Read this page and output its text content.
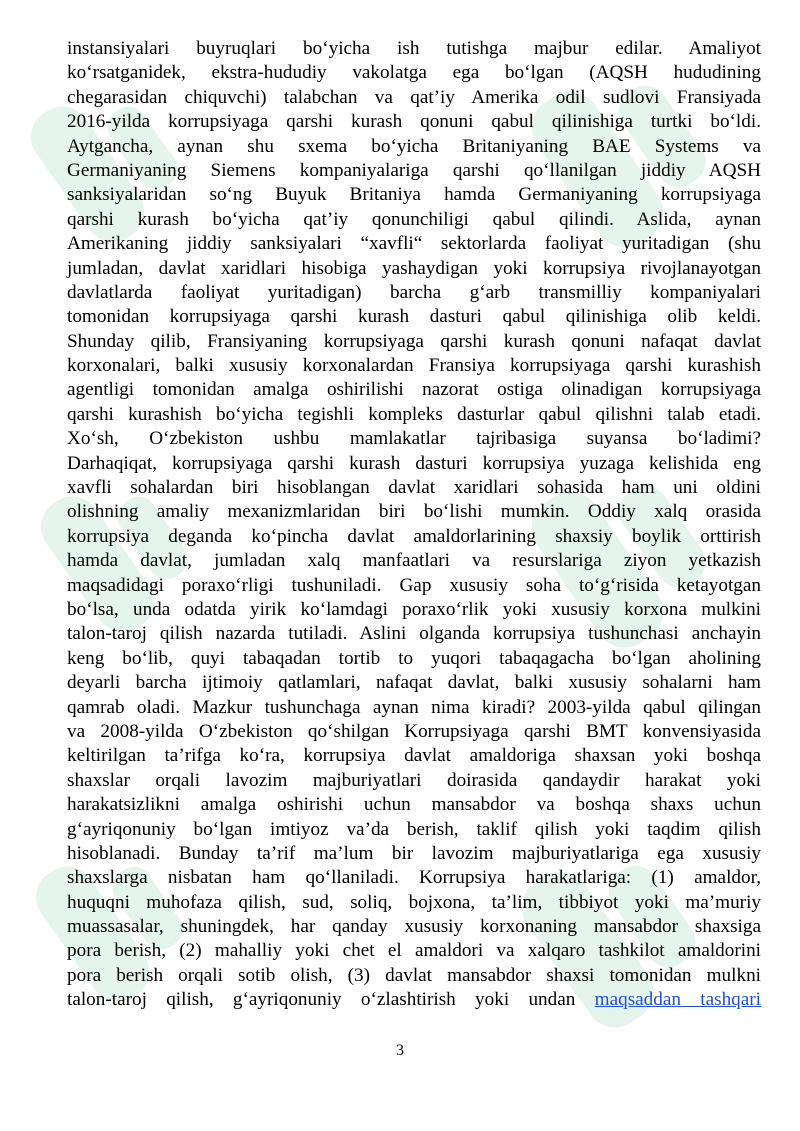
instansiyalari buyruqlari bo‘yicha ish tutishga majbur edilar. Amaliyot
ko‘rsatganidek, ekstra-hududiy vakolatga ega bo‘lgan (AQSH hududining
chegarasidan chiquvchi) talabchan va qat’iy Amerika odil sudlovi Fransiyada
2016-yilda korrupsiyaga qarshi kurash qonuni qabul qilinishiga turtki bo‘ldi.
Aytgancha, aynan shu sxema bo‘yicha Britaniyaning BAE Systems va
Germaniyaning Siemens kompaniyalariga qarshi qo‘llanilgan jiddiy AQSH
sanksiyalaridan so‘ng Buyuk Britaniya hamda Germaniyaning korrupsiyaga
qarshi kurash bo‘yicha qat’iy qonunchiligi qabul qilindi. Aslida, aynan
Amerikaning jiddiy sanksiyalari “xavfli“ sektorlarda faoliyat yuritadigan (shu
jumladan, davlat xaridlari hisobiga yashaydigan yoki korrupsiya rivojlanayotgan
davlatlarda faoliyat yuritadigan) barcha g‘arb transmilliy kompaniyalari
tomonidan korrupsiyaga qarshi kurash dasturi qabul qilinishiga olib keldi.
Shunday qilib, Fransiyaning korrupsiyaga qarshi kurash qonuni nafaqat davlat
korxonalari, balki xususiy korxonalardan Fransiya korrupsiyaga qarshi kurashish
agentligi tomonidan amalga oshirilishi nazorat ostiga olinadigan korrupsiyaga
qarshi kurashish bo‘yicha tegishli kompleks dasturlar qabul qilishni talab etadi.
Xo‘sh, O‘zbekiston ushbu mamlakatlar tajribasiga suyansa bo‘ladimi?
Darhaqiqat, korrupsiyaga qarshi kurash dasturi korrupsiya yuzaga kelishida eng
xavfli sohalardan biri hisoblangan davlat xaridlari sohasida ham uni oldini
olishning amaliy mexanizmlaridan biri bo‘lishi mumkin. Oddiy xalq orasida
korrupsiya deganda ko‘pincha davlat amaldorlarining shaxsiy boylik orttirish
hamda davlat, jumladan xalq manfaatlari va resurslariga ziyon yetkazish
maqsadidagi poraxo‘rligi tushuniladi. Gap xususiy soha to‘g‘risida ketayotgan
bo‘lsa, unda odatda yirik ko‘lamdagi poraxo‘rlik yoki xususiy korxona mulkini
talon-taroj qilish nazarda tutiladi. Aslini olganda korrupsiya tushunchasi anchayin
keng bo‘lib, quyi tabaqadan tortib to yuqori tabaqagacha bo‘lgan aholining
deyarli barcha ijtimoiy qatlamlari, nafaqat davlat, balki xususiy sohalarni ham
qamrab oladi. Mazkur tushunchaga aynan nima kiradi? 2003-yilda qabul qilingan
va 2008-yilda O‘zbekiston qo‘shilgan Korrupsiyaga qarshi BMT konvensiyasida
keltirilgan ta’rifga ko‘ra, korrupsiya davlat amaldoriga shaxsan yoki boshqa
shaxslar orqali lavozim majburiyatlari doirasida qandaydir harakat yoki
harakatsizlikni amalga oshirishi uchun mansabdor va boshqa shaxs uchun
g‘ayriqonuniy bo‘lgan imtiyoz va’da berish, taklif qilish yoki taqdim qilish
hisoblanadi. Bunday ta’rif ma’lum bir lavozim majburiyatlariga ega xususiy
shaxslarga nisbatan ham qo‘llaniladi. Korrupsiya harakatlariga: (1) amaldor,
huquqni muhofaza qilish, sud, soliq, bojxona, ta’lim, tibbiyot yoki ma’muriy
muassasalar, shuningdek, har qanday xususiy korxonaning mansabdor shaxsiga
pora berish, (2) mahalliy yoki chet el amaldori va xalqaro tashkilot amaldorini
pora berish orqali sotib olish, (3) davlat mansabdor shaxsi tomonidan mulkni
talon-taroj qilish, g‘ayriqonuniy o‘zlashtirish yoki undan maqsaddan tashqari
3
